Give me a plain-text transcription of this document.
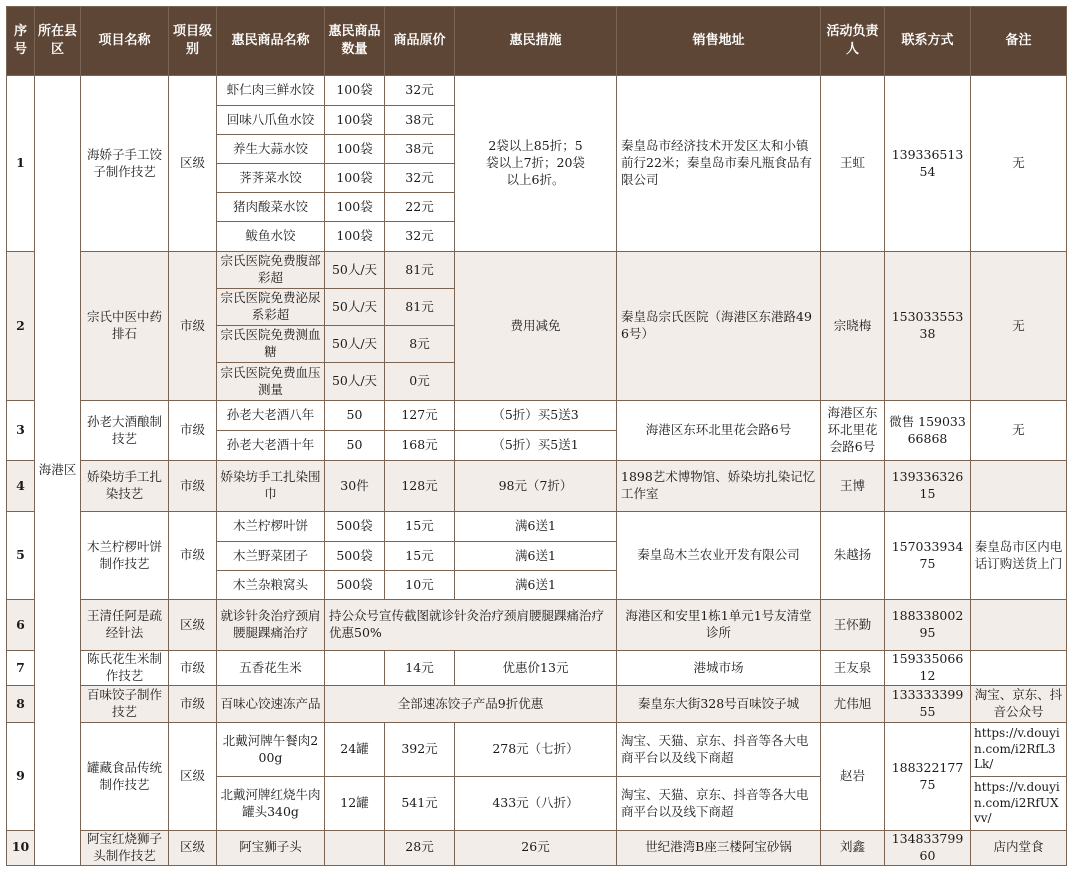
序号	所在县区	项目名称	项目级别	惠民商品名称	惠民商品数量	商品原价	惠民措施	销售地址	活动负责人	联系方式	备注
1	海港区	海娇子手工饺子制作技艺	区级	虾仁肉三鲜水饺	100袋	32元	2袋以上85折；5袋以上7折；20袋以上6折。	秦皇岛市经济技术开发区太和小镇前行22米；秦皇岛市秦凡瓶食品有限公司	王虹	13933651354	无
				回味八爪鱼水饺	100袋	38元					
				养生大蒜水饺	100袋	38元					
				荠荠菜水饺	100袋	32元					
				猪肉酸菜水饺	100袋	22元					
				鲅鱼水饺	100袋	32元					
2		宗氏中医中药排石	市级	宗氏医院免费腹部彩超	50人/天	81元	费用减免	秦皇岛宗氏医院（海港区东港路496号）	宗晓梅	15303355338	无
				宗氏医院免费泌尿系彩超	50人/天	81元					
				宗氏医院免费测血糖	50人/天	8元					
				宗氏医院免费血压测量	50人/天	0元					
3		孙老大酒酿制技艺	市级	孙老大老酒八年	50	127元	（5折）买5送3	海港区东环北里花会路6号	海港区东环北里花会路6号	微售 15903366868	无
				孙老大老酒十年	50	168元	（5折）买5送1				
4		娇染坊手工扎染技艺	市级	娇染坊手工扎染围巾	30件	128元	98元（7折）	1898艺术博物馆、娇染坊扎染记忆工作室	王博	13933632615	
5		木兰柠椤叶饼制作技艺	市级	木兰柠椤叶饼	500袋	15元	满6送1	秦皇岛木兰农业开发有限公司	朱越扬	15703393475	秦皇岛市区内电话订购送货上门
				木兰野菜团子	500袋	15元	满6送1				
				木兰杂粮窝头	500袋	10元	满6送1				
6		王清任阿是疏经针法	区级	就诊针灸治疗颈肩腰腿踝痛治疗	持公众号宣传截图就诊针灸治疗颈肩腰腿踝痛治疗优惠50%			海港区和安里1栋1单元1号友清堂诊所	王怀勤	18833800295	
7		陈氏花生米制作技艺	市级	五香花生米		14元	优惠价13元	港城市场	王友泉	15933506612	
8		百味饺子制作技艺	市级	百味心饺速冻产品	全部速冻饺子产品9折优惠			秦皇东大街328号百味饺子城	尤伟旭	13333339955	淘宝、京东、抖音公众号
9		罐藏食品传统制作技艺	区级	北戴河牌午餐肉200g	24罐	392元	278元（七折）	淘宝、天猫、京东、抖音等各大电商平台以及线下商超	赵岩	18832217775	https://v.douyin.com/i2RfL3Lk/
				北戴河牌红烧牛肉罐头340g	12罐	541元	433元（八折）	淘宝、天猫、京东、抖音等各大电商平台以及线下商超			https://v.douyin.com/i2RfUXvv/
10		阿宝红烧狮子头制作技艺	区级	阿宝狮子头		28元	26元	世纪港湾B座三楼阿宝砂锅	刘鑫	13483379960	店内堂食
